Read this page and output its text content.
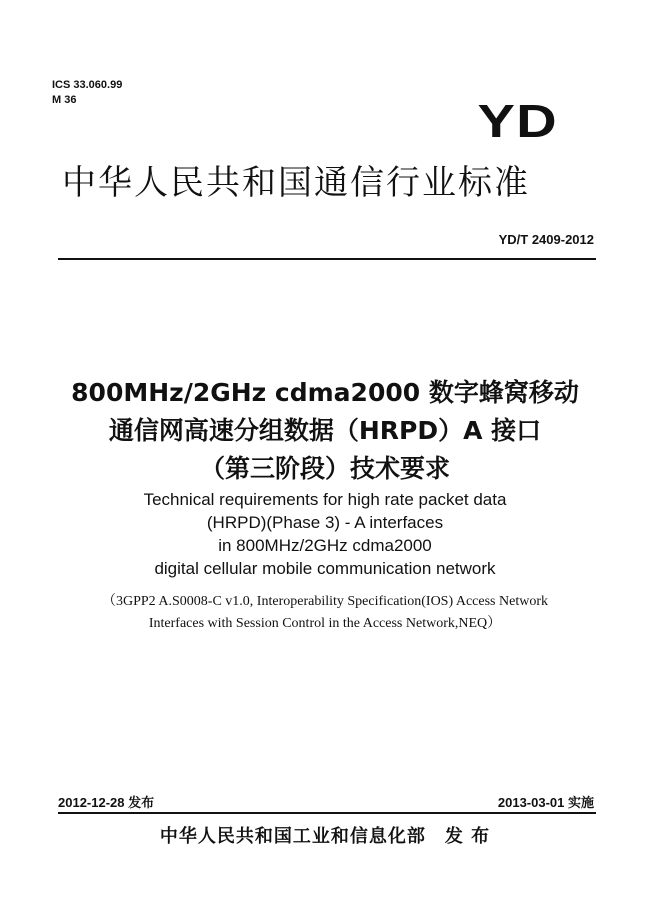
ICS 33.060.99
M 36	YD
中华人民共和国通信行业标准
YD/T 2409-2012
800MHz/2GHz cdma2000 数字蜂窝移动
通信网高速分组数据（HRPD）A 接口
（第三阶段）技术要求
Technical requirements for high rate packet data
(HRPD)(Phase 3) - A interfaces
in 800MHz/2GHz cdma2000
digital cellular mobile communication network
（3GPP2 A.S0008-C v1.0, Interoperability Specification(IOS) Access Network
Interfaces with Session Control in the Access Network,NEQ）
2012-12-28 发布	2013-03-01 实施
中华人民共和国工业和信息化部　发 布
